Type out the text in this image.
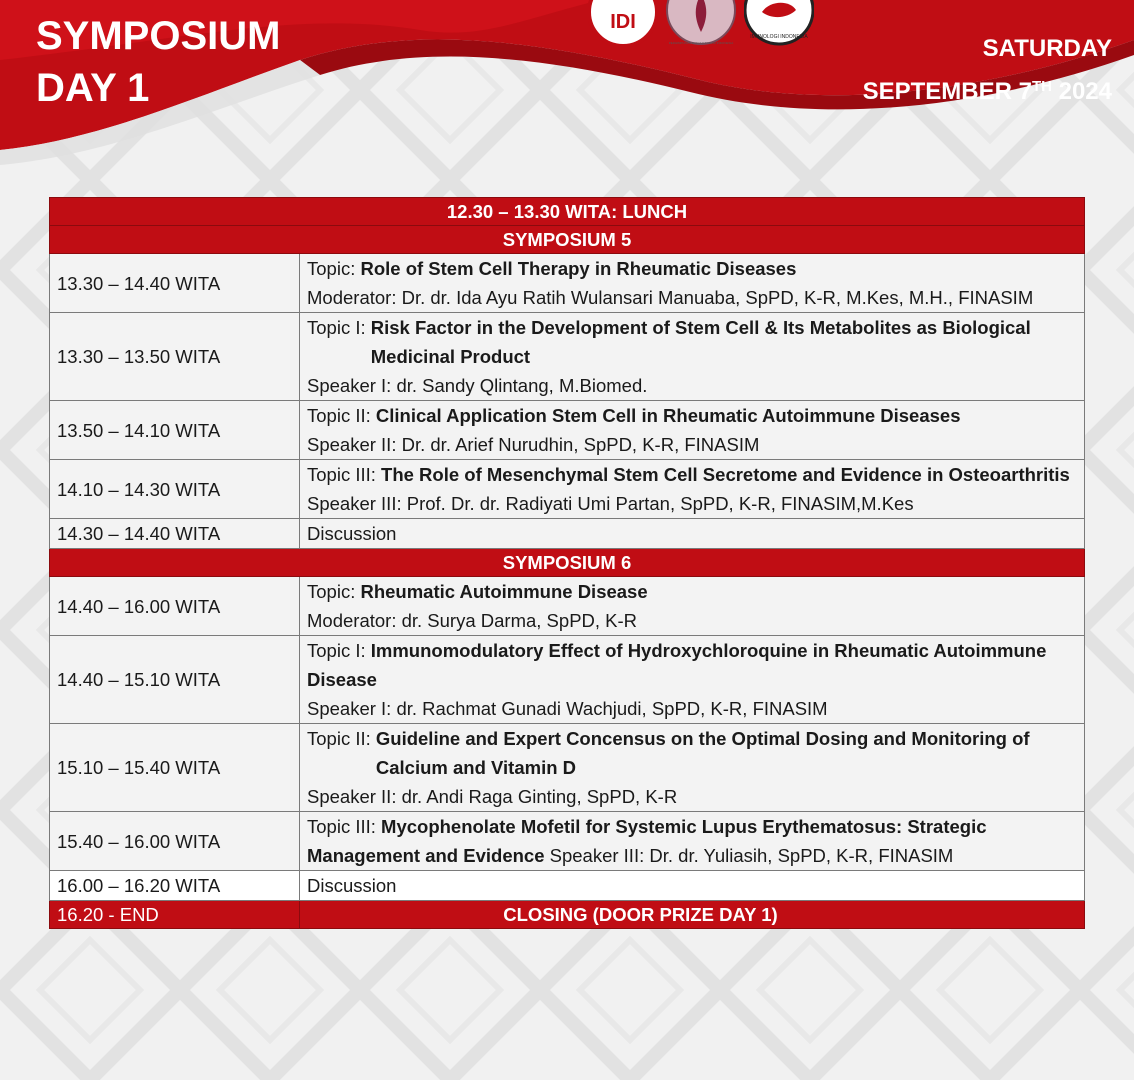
SYMPOSIUM
DAY 1
IDI
PERHIMPUNAN RHEUMATOLOGI INDONESIA
IMUNOLOGI INDONESIA	SATURDAY
SEPTEMBER 7TH 2024
12.30 – 13.30 WITA: LUNCH	
SYMPOSIUM 5	
13.30 – 14.40 WITA	Topic: Role of Stem Cell Therapy in Rheumatic Diseases
Moderator: Dr. dr. Ida Ayu Ratih Wulansari Manuaba, SpPD, K-R, M.Kes, M.H., FINASIM
13.30 – 13.50 WITA	Topic I: Risk Factor in the Development of Stem Cell & Its Metabolites as Biological Medicinal Product
Speaker I: dr. Sandy Qlintang, M.Biomed.
13.50 – 14.10 WITA	Topic II: Clinical Application Stem Cell in Rheumatic Autoimmune Diseases
Speaker II: Dr. dr. Arief Nurudhin, SpPD, K-R, FINASIM
14.10 – 14.30 WITA	Topic III: The Role of Mesenchymal Stem Cell Secretome and Evidence in Osteoarthritis
Speaker III: Prof. Dr. dr. Radiyati Umi Partan, SpPD, K-R, FINASIM,M.Kes
14.30 – 14.40 WITA	Discussion
SYMPOSIUM 6	
14.40 – 16.00 WITA	Topic: Rheumatic Autoimmune Disease
Moderator: dr. Surya Darma, SpPD, K-R
14.40 – 15.10 WITA	Topic I: Immunomodulatory Effect of Hydroxychloroquine in Rheumatic Autoimmune Disease
Speaker I: dr. Rachmat Gunadi Wachjudi, SpPD, K-R, FINASIM
15.10 – 15.40 WITA	Topic II: Guideline and Expert Concensus on the Optimal Dosing and Monitoring of Calcium and Vitamin D
Speaker II: dr. Andi Raga Ginting, SpPD, K-R
15.40 – 16.00 WITA	Topic III: Mycophenolate Mofetil for Systemic Lupus Erythematosus: Strategic Management and Evidence Speaker III: Dr. dr. Yuliasih, SpPD, K-R, FINASIM
16.00 – 16.20 WITA	Discussion
16.20 - END	CLOSING (DOOR PRIZE DAY 1)
